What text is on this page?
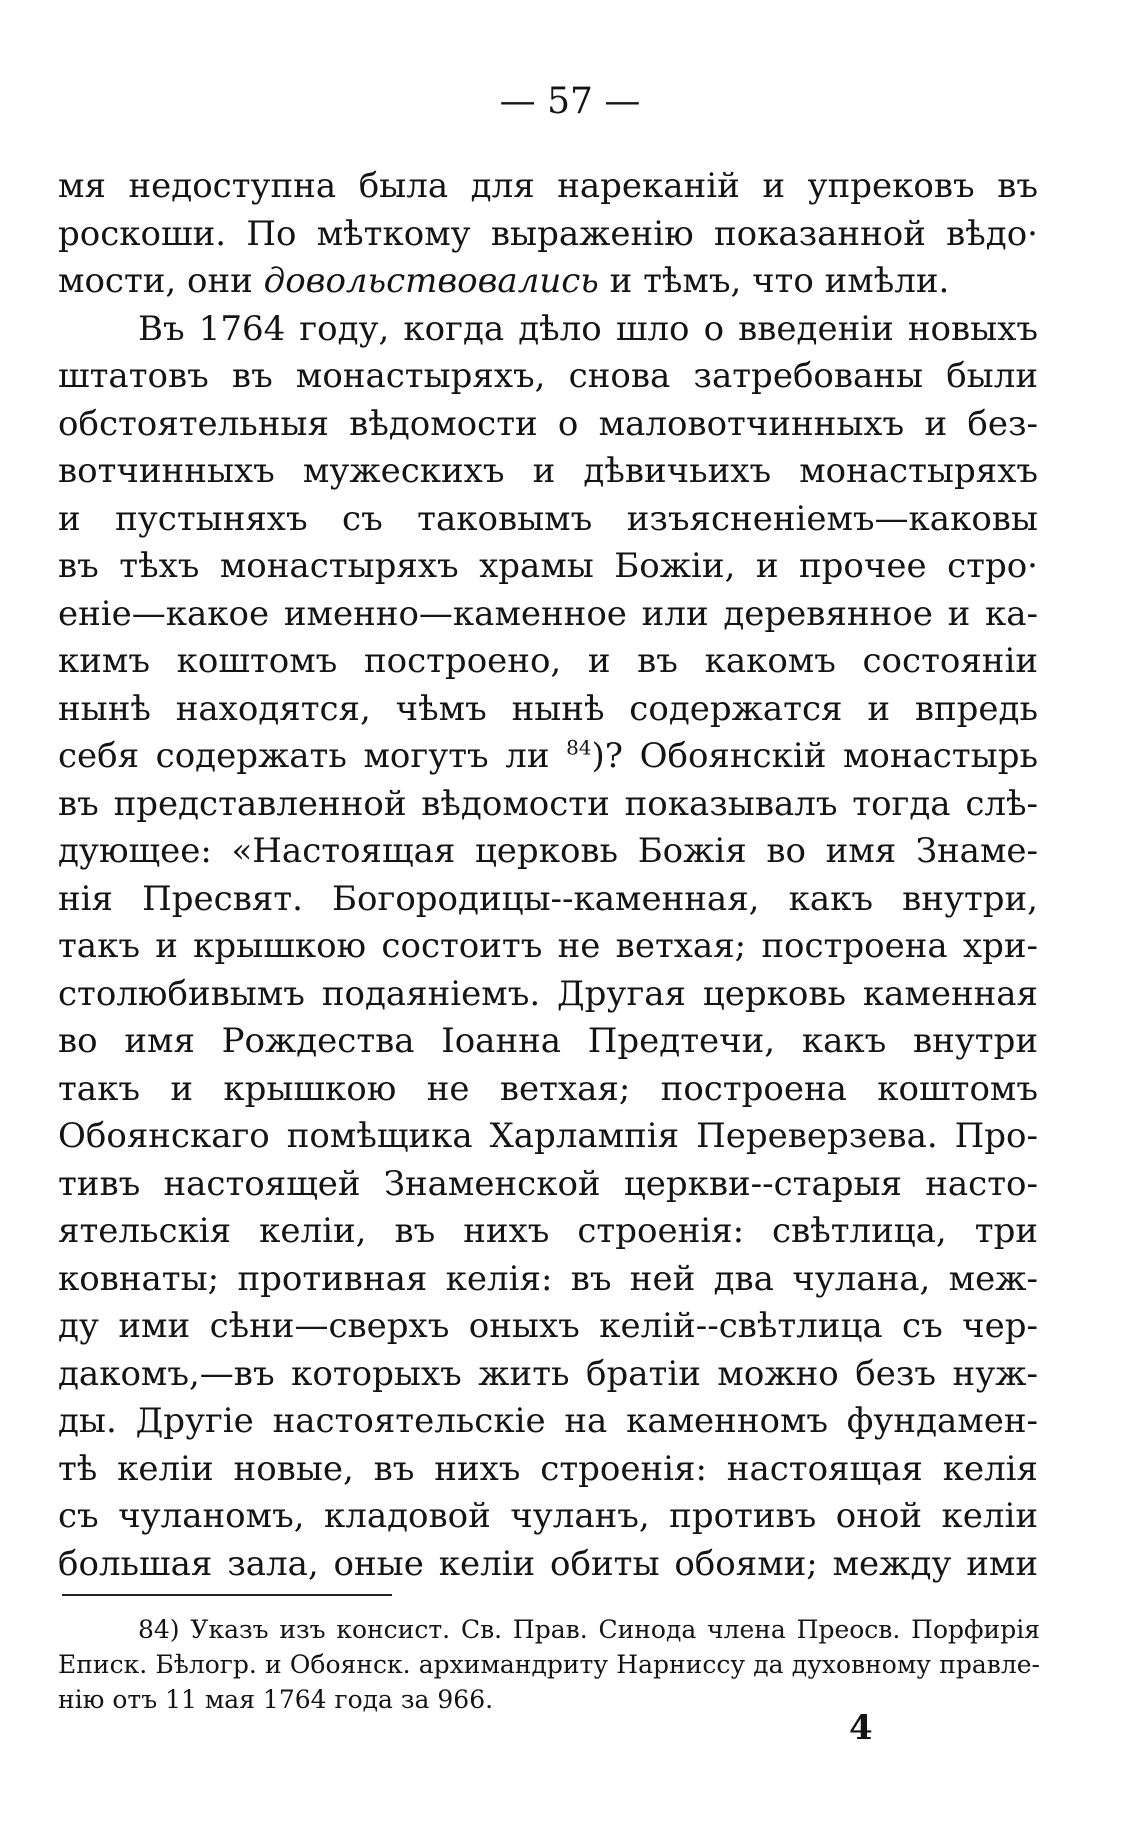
— 57 —
мя недоступна была для нареканій и упрековъ въ
роскоши. По мѣткому выраженію показанной вѣдо·
мости, они довольствовались и тѣмъ, что имѣли.
Въ 1764 году, когда дѣло шло о введеніи новыхъ
штатовъ въ монастыряхъ, снова затребованы были
обстоятельныя вѣдомости о маловотчинныхъ и без-
вотчинныхъ мужескихъ и дѣвичьихъ монастыряхъ
и пустыняхъ съ таковымъ изъясненіемъ—каковы
въ тѣхъ монастыряхъ храмы Божіи, и прочее стро·
еніе—какое именно—каменное или деревянное и ка-
кимъ коштомъ построено, и въ какомъ состояніи
нынѣ находятся, чѣмъ нынѣ содержатся и впредь
себя содержать могутъ ли $^{84}$)? Обоянскій монастырь
въ представленной вѣдомости показывалъ тогда слѣ-
дующее: «Настоящая церковь Божія во имя Знаме-
нія Пресвят. Богородицы--каменная, какъ внутри,
такъ и крышкою состоитъ не ветхая; построена хри-
столюбивымъ подаяніемъ. Другая церковь каменная
во имя Рождества Іоанна Предтечи, какъ внутри
такъ и крышкою не ветхая; построена коштомъ
Обоянскаго помѣщика Харлампія Переверзева. Про-
тивъ настоящей Знаменской церкви--старыя насто-
ятельскія келіи, въ нихъ строенія: свѣтлица, три
ковнаты; противная келія: въ ней два чулана, меж-
ду ими сѣни—сверхъ оныхъ келій--свѣтлица съ чер-
дакомъ,—въ которыхъ жить братіи можно безъ нуж-
ды. Другіе настоятельскіе на каменномъ фундамен-
тѣ келіи новые, въ нихъ строенія: настоящая келія
съ чуланомъ, кладовой чуланъ, противъ оной келіи
большая зала, оные келіи обиты обоями; между ими
84) Указъ изъ консист. Св. Прав. Синода члена Преосв. Порфирія
Еписк. Бѣлогр. и Обоянск. архимандриту Нарниссу да духовному правле-
нію отъ 11 мая 1764 года за 966.
4
